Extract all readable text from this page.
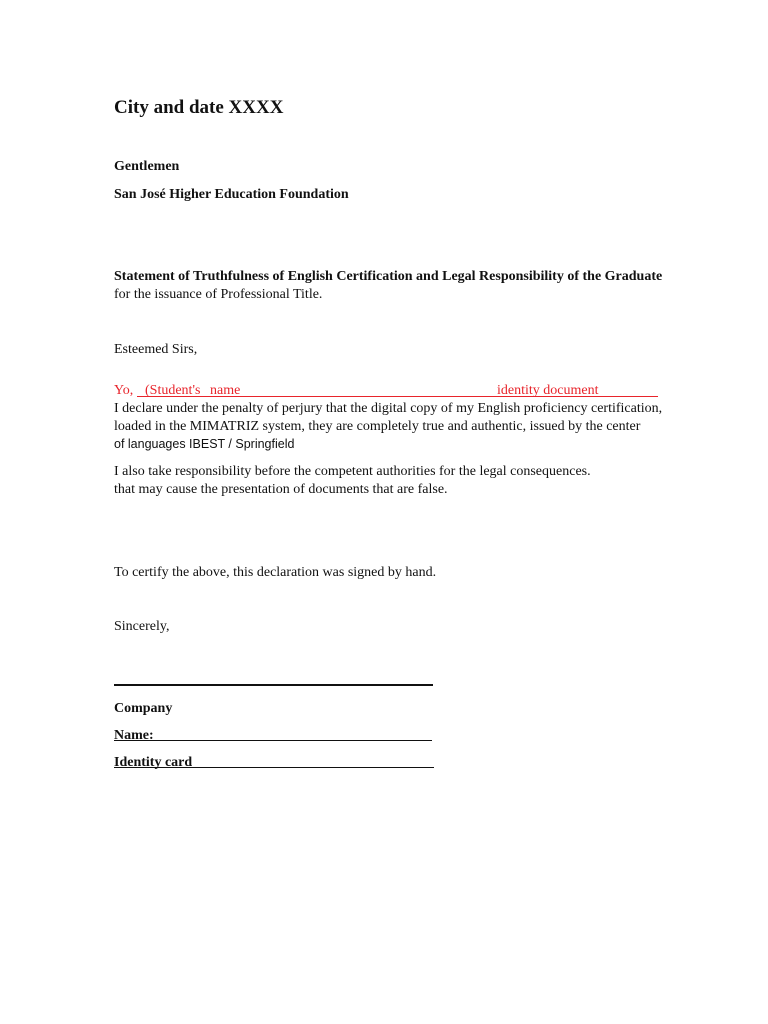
City and date XXXX
Gentlemen
San José Higher Education Foundation
Statement of Truthfulness of English Certification and Legal Responsibility of the Graduate
for the issuance of Professional Title.
Esteemed Sirs,
Yo, (Student's name	identity document
I declare under the penalty of perjury that the digital copy of my English proficiency certification,
loaded in the MIMATRIZ system, they are completely true and authentic, issued by the center
of languages IBEST / Springfield
I also take responsibility before the competent authorities for the legal consequences.
that may cause the presentation of documents that are false.
To certify the above, this declaration was signed by hand.
Sincerely,
Company
Name:
Identity card
